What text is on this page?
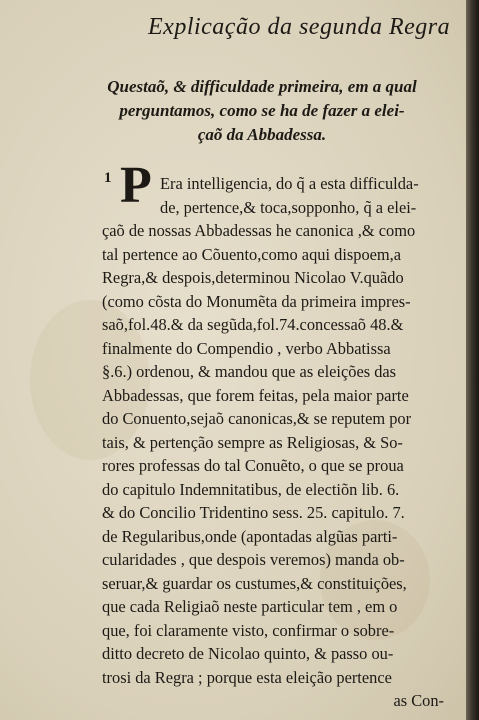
Explicação da segunda Regra
Questaõ, & difficuldade primeira, em a qual
perguntamos, como se ha de fazer a elei-
çaõ da Abbadessa.
1 P Era intelligencia, do q̃ a esta difficulda-
de, pertence,& toca,sopponho, q̃ a elei-
çaõ de nossas Abbadessas he canonica ,& como
tal pertence ao Cõuento,como aqui dispoem,a
Regra,& despois,determinou Nicolao V.quãdo
(como cõsta do Monumẽta da primeira impres-
saõ,fol.48.& da segũda,fol.74.concessaõ 48.&
finalmente do Compendio , verbo Abbatissa
§.6.) ordenou, & mandou que as eleições das
Abbadessas, que forem feitas, pela maior parte
do Conuento,sejaõ canonicas,& se reputem por
tais, & pertenção sempre as Religiosas, & So-
rores professas do tal Conuẽto, o que se proua
do capitulo Indemnitatibus, de electiõn lib. 6.
& do Concilio Tridentino sess. 25. capitulo. 7.
de Regularibus,onde (apontadas algũas parti-
cularidades , que despois veremos) manda ob-
seruar,& guardar os custumes,& constituições,
que cada Religiaõ neste particular tem , em o
que, foi claramente visto, confirmar o sobre-
ditto decreto de Nicolao quinto, & passo ou-
trosi da Regra ; porque esta eleição pertence
as Con-
